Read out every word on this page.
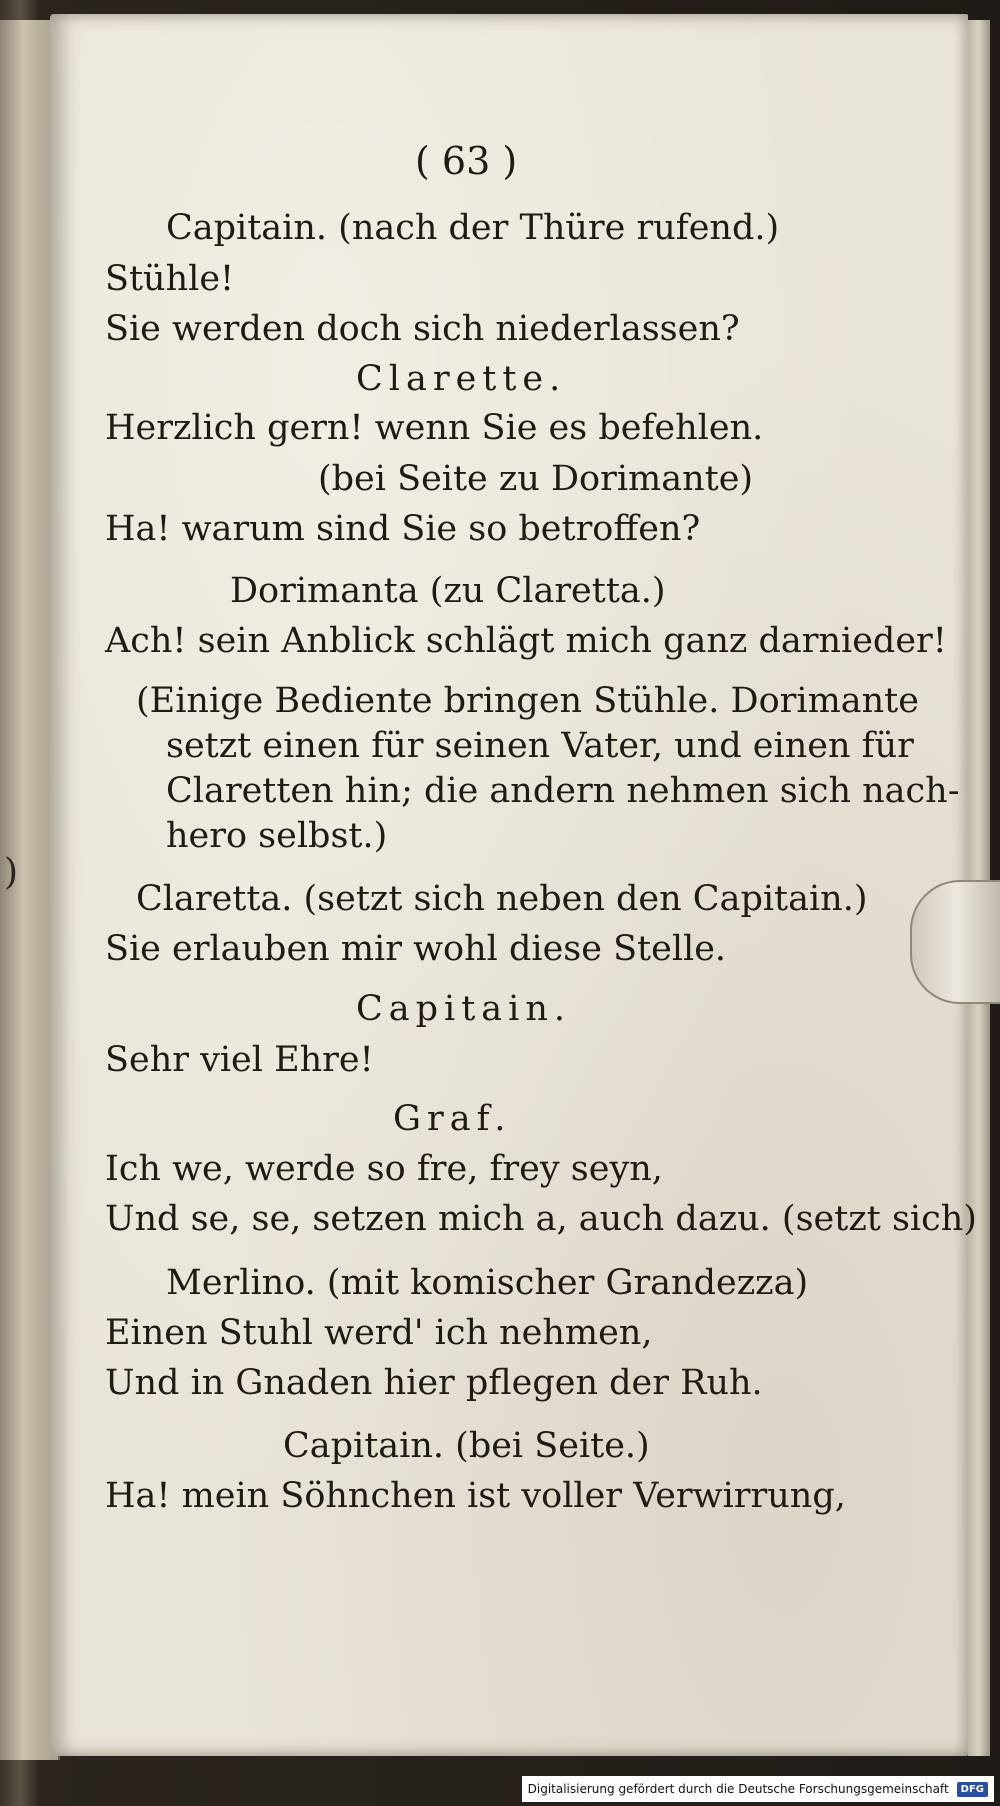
)
( 63 )
Capitain. (nach der Thüre rufend.)
Stühle!
Sie werden doch sich niederlassen?
Clarette.
Herzlich gern! wenn Sie es befehlen.
(bei Seite zu Dorimante)
Ha! warum sind Sie so betroffen?
Dorimanta (zu Claretta.)
Ach! sein Anblick schlägt mich ganz darnieder!
(Einige Bediente bringen Stühle. Dorimante
setzt einen für seinen Vater, und einen für
Claretten hin; die andern nehmen sich nach-
hero selbst.)
Claretta. (setzt sich neben den Capitain.)
Sie erlauben mir wohl diese Stelle.
Capitain.
Sehr viel Ehre!
Graf.
Ich we, werde so fre, frey seyn,
Und se, se, setzen mich a, auch dazu. (setzt sich)
Merlino. (mit komischer Grandezza)
Einen Stuhl werd' ich nehmen,
Und in Gnaden hier pflegen der Ruh.
Capitain. (bei Seite.)
Ha! mein Söhnchen ist voller Verwirrung,
Digitalisierung gefördert durch die Deutsche Forschungsgemeinschaft	DFG
